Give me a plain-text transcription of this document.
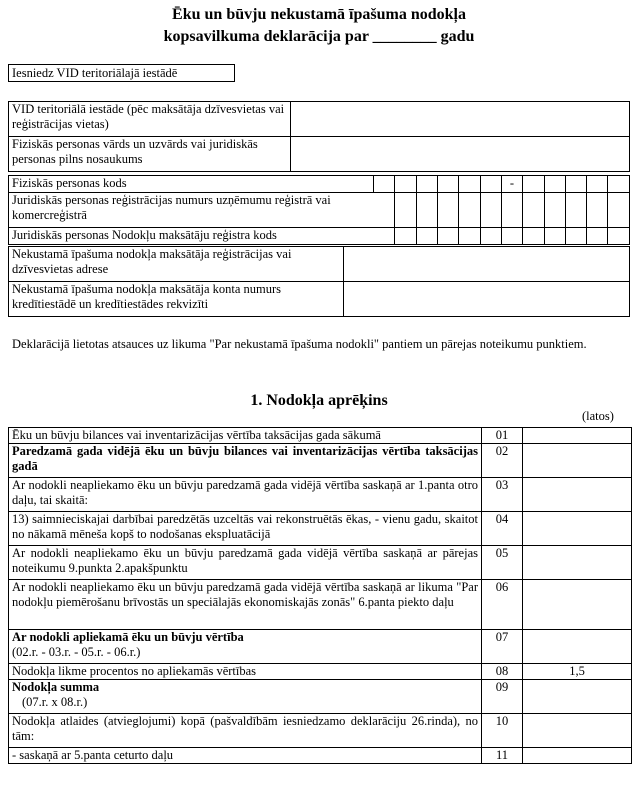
Ēku un būvju nekustamā īpašuma nodokļa
kopsavilkuma deklarācija par ________ gadu
Iesniedz VID teritoriālajā iestādē
VID teritoriālā iestāde (pēc maksātāja dzīvesvietas vai reģistrācijas vietas)	
Fiziskās personas vārds un uzvārds vai juridiskās personas pilns nosaukums	
Fiziskās personas kods							-					
Juridiskās personas reģistrācijas numurs uzņēmumu reģistrā vai komercreģistrā												
Juridiskās personas Nodokļu maksātāju reģistra kods												
Nekustamā īpašuma nodokļa maksātāja reģistrācijas vai dzīvesvietas adrese	
Nekustamā īpašuma nodokļa maksātāja konta numurs kredītiestādē un kredītiestādes rekvizīti	
Deklarācijā lietotas atsauces uz likuma "Par nekustamā īpašuma nodokli" pantiem un pārejas noteikumu punktiem.
1. Nodokļa aprēķins
(latos)
Ēku un būvju bilances vai inventarizācijas vērtība taksācijas gada sākumā	01	
Paredzamā gada vidējā ēku un būvju bilances vai inventarizācijas vērtība taksācijas gadā	02	
Ar nodokli neapliekamo ēku un būvju paredzamā gada vidējā vērtība saskaņā ar 1.panta otro daļu, tai skaitā:	03	
13) saimnieciskajai darbībai paredzētās uzceltās vai rekonstruētās ēkas, - vienu gadu, skaitot no nākamā mēneša kopš to nodošanas ekspluatācijā	04	
Ar nodokli neapliekamo ēku un būvju paredzamā gada vidējā vērtība saskaņā ar pārejas noteikumu 9.punkta 2.apakšpunktu	05	
Ar nodokli neapliekamo ēku un būvju paredzamā gada vidējā vērtība saskaņā ar likuma "Par nodokļu piemērošanu brīvostās un speciālajās ekonomiskajās zonās" 6.panta piekto daļu	06	

Ar nodokli apliekamā ēku un būvju vērtība
(02.r. - 03.r. - 05.r. - 06.r.)	07	
Nodokļa likme procentos no apliekamās vērtības	08	1,5

Nodokļa summa
(07.r. x 08.r.)	09	
Nodokļa atlaides (atvieglojumi) kopā (pašvaldībām iesniedzamo deklarāciju 26.rinda), no tām:	10	
- saskaņā ar 5.panta ceturto daļu	11	
